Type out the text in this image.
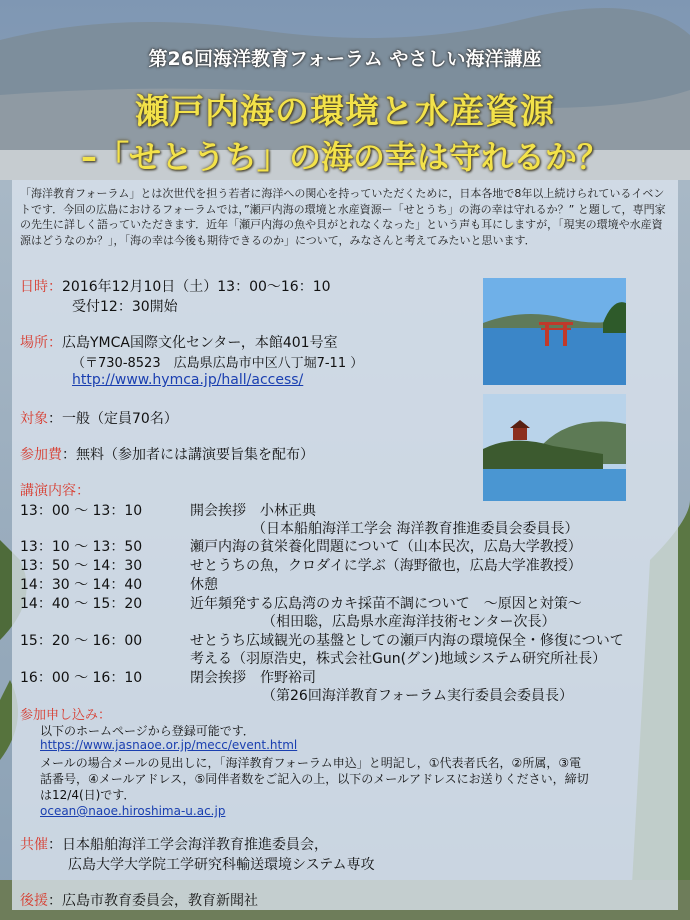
第26回海洋教育フォーラム やさしい海洋講座
瀬戸内海の環境と水産資源
–「せとうち」の海の幸は守れるか？
「海洋教育フォーラム」とは次世代を担う若者に海洋への関心を持っていただくために，日本各地で8年以上続けられているイベントです．今回の広島におけるフォーラムでは，”瀬戸内海の環境と水産資源ー「せとうち」の海の幸は守れるか？” と題して，専門家の先生に詳しく語っていただきます．近年「瀬戸内海の魚や貝がとれなくなった」という声も耳にしますが，「現実の環境や水産資源はどうなのか？」，「海の幸は今後も期待できるのか」について，みなさんと考えてみたいと思います．
日時：2016年12月10日（土）13：00～16：10
受付12：30開始
場所：広島YMCA国際文化センター，本館401号室
（〒730-8523　広島県広島市中区八丁堀7-11 ）
http://www.hymca.jp/hall/access/
対象：一般（定員70名）
参加費：無料（参加者には講演要旨集を配布）
講演内容：
13：00 ～ 13：10	開会挨拶　小林正典
（日本船舶海洋工学会 海洋教育推進委員会委員長）
13：10 ～ 13：50	瀬戸内海の貧栄養化問題について（山本民次，広島大学教授）
13：50 ～ 14：30	せとうちの魚，クロダイに学ぶ（海野徹也，広島大学准教授）
14：30 ～ 14：40	休憩
14：40 ～ 15：20	近年頻発する広島湾のカキ採苗不調について　～原因と対策～
（相田聡，広島県水産海洋技術センター次長）
15：20 ～ 16：00	せとうち広域観光の基盤としての瀬戸内海の環境保全・修復について
考える（羽原浩史，株式会社Gun(グン)地域システム研究所社長）
16：00 ～ 16：10	閉会挨拶　作野裕司
（第26回海洋教育フォーラム実行委員会委員長）
参加申し込み：
以下のホームページから登録可能です．
https://www.jasnaoe.or.jp/mecc/event.html
メールの場合メールの見出しに，「海洋教育フォーラム申込」と明記し，①代表者氏名，②所属，③電
話番号，④メールアドレス，⑤同伴者数をご記入の上，以下のメールアドレスにお送りください，締切
は12/4(日)です．
ocean@naoe.hiroshima-u.ac.jp
共催：日本船舶海洋工学会海洋教育推進委員会，
広島大学大学院工学研究科輸送環境システム専攻
後援：広島市教育委員会，教育新聞社
